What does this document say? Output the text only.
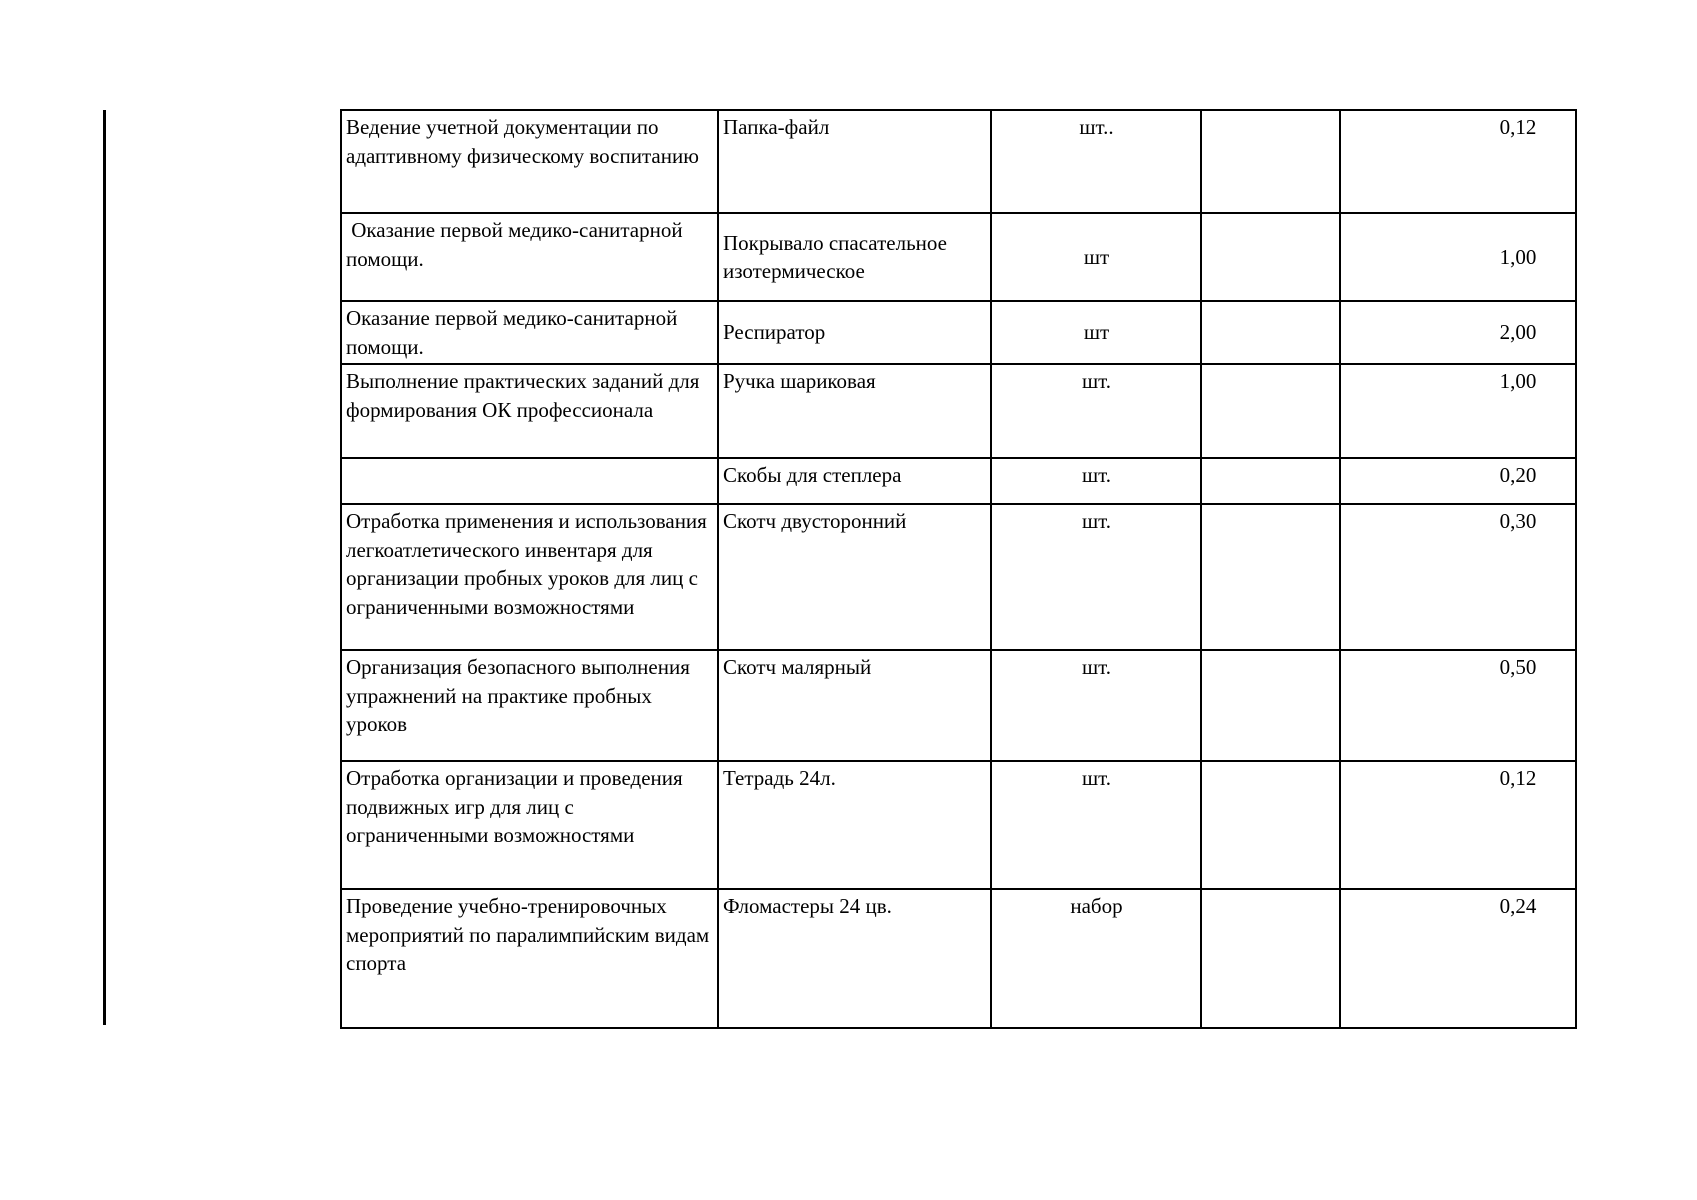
Ведение учетной документации по адаптивному физическому воспитанию	Папка-файл	шт..		0,12
Оказание первой медико-санитарной помощи.	Покрывало спасательное изотермическое	шт		1,00
Оказание первой медико-санитарной помощи.	Респиратор	шт		2,00
Выполнение практических заданий для формирования ОК профессионала	Ручка шариковая	шт.		1,00
	Скобы для степлера	шт.		0,20
Отработка применения и использования легкоатлетического инвентаря для организации пробных уроков для лиц с ограниченными возможностями	Скотч двусторонний	шт.		0,30
Организация безопасного выполнения упражнений на практике пробных уроков	Скотч малярный	шт.		0,50
Отработка организации и проведения подвижных игр для лиц с ограниченными возможностями	Тетрадь 24л.	шт.		0,12
Проведение учебно-тренировочных мероприятий по паралимпийским видам спорта	Фломастеры 24 цв.	набор		0,24
